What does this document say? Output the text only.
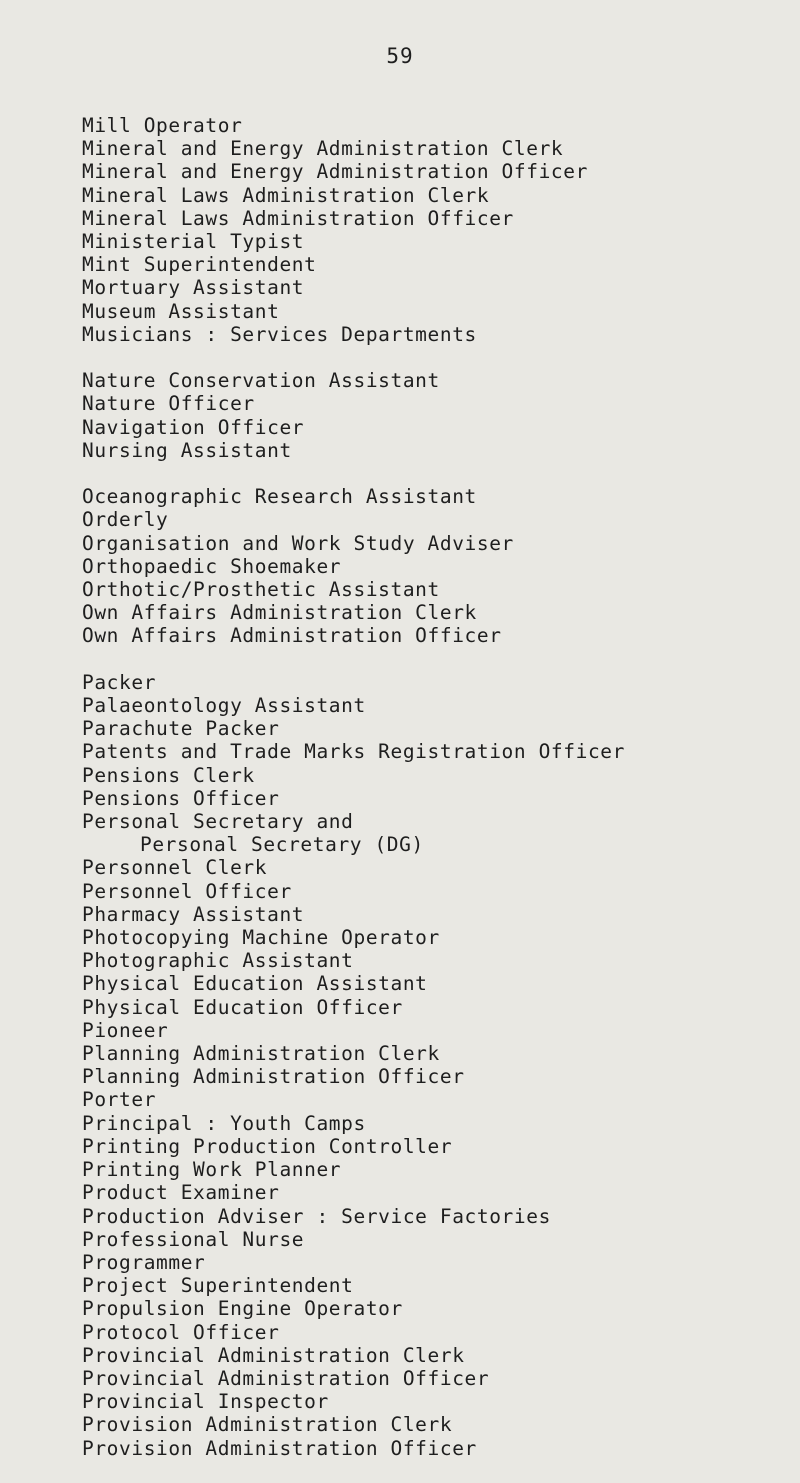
59
Mill Operator
Mineral and Energy Administration Clerk
Mineral and Energy Administration Officer
Mineral Laws Administration Clerk
Mineral Laws Administration Officer
Ministerial Typist
Mint Superintendent
Mortuary Assistant
Museum Assistant
Musicians : Services Departments
Nature Conservation Assistant
Nature Officer
Navigation Officer
Nursing Assistant
Oceanographic Research Assistant
Orderly
Organisation and Work Study Adviser
Orthopaedic Shoemaker
Orthotic/Prosthetic Assistant
Own Affairs Administration Clerk
Own Affairs Administration Officer
Packer
Palaeontology Assistant
Parachute Packer
Patents and Trade Marks Registration Officer
Pensions Clerk
Pensions Officer
Personal Secretary and
Personal Secretary (DG)
Personnel Clerk
Personnel Officer
Pharmacy Assistant
Photocopying Machine Operator
Photographic Assistant
Physical Education Assistant
Physical Education Officer
Pioneer
Planning Administration Clerk
Planning Administration Officer
Porter
Principal : Youth Camps
Printing Production Controller
Printing Work Planner
Product Examiner
Production Adviser : Service Factories
Professional Nurse
Programmer
Project Superintendent
Propulsion Engine Operator
Protocol Officer
Provincial Administration Clerk
Provincial Administration Officer
Provincial Inspector
Provision Administration Clerk
Provision Administration Officer
